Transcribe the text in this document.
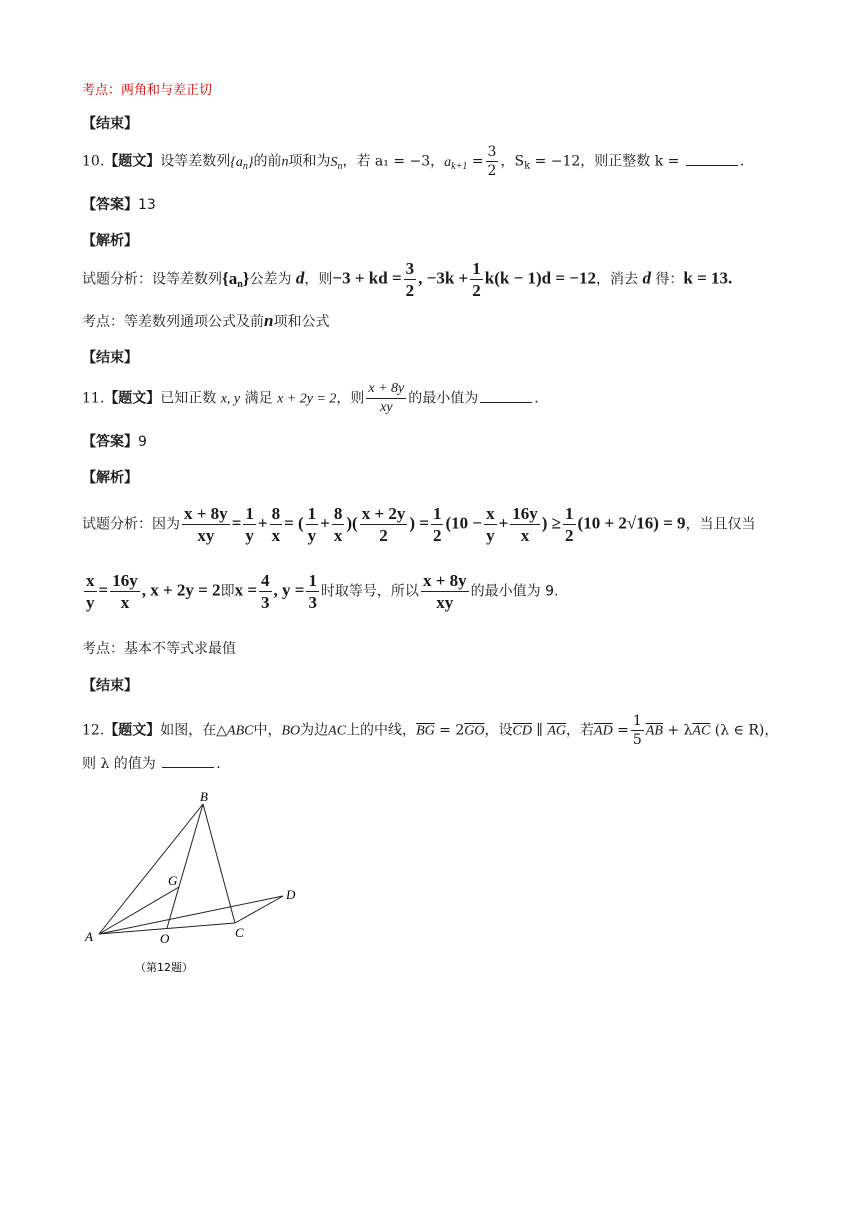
考点：两角和与差正切
【结束】
10.【题文】设等差数列$\{a_n\}$的前n项和为$S_n$，若 a₁ = −3，$a_{k+1} = \frac{3}{2}$ ，$S_k = -12$，则正整数 k =	.
【答案】13
【解析】
试题分析：设等差数列$\{a_n\}$公差为 d，则−3 + kd = $\frac{3}{2}$ , $-3k + \frac{1}{2} k(k - 1)d = -12$，消去 d 得：k = 13.
考点：等差数列通项公式及前n项和公式
【结束】
11.【题文】已知正数 x, y 满足 x + 2y = 2，则 $\frac{x + 8y}{xy}$ 的最小值为	.
【答案】9
【解析】
试题分析：因为 $\frac{x + 8y}{xy} = \frac{1}{y} + \frac{8}{x}$ = ( $\frac{1}{y} + \frac{8}{x}$ )( $\frac{x + 2y}{2}$ ) = $\frac{1}{2} (10 - \frac{x}{y} + \frac{16y}{x}$ ) ≥ $\frac{1}{2} (10 + 2√16) = 9$，当且仅当
$\frac{x}{y} = \frac{16y}{x}$ , x + 2y = 2即$x = \frac{4}{3}$ , $y = \frac{1}{3}$ 时取等号，所以 $\frac{x + 8y}{xy}$ 的最小值为 9.
考点：基本不等式求最值
【结束】
12.【题文】如图，在△ABC中，BO为边AC上的中线，$\overline{BG} = 2\overline{GO}$，设$\overline{CD}$ ∥ $\overline{AG}$，若$\overline{AD} = \frac{1}{5} \overline{AB} + \lambda\overline{AC}$ (λ ∈ R)，
则 λ 的值为	.
A
B
G
O	C
D
（第12题）
